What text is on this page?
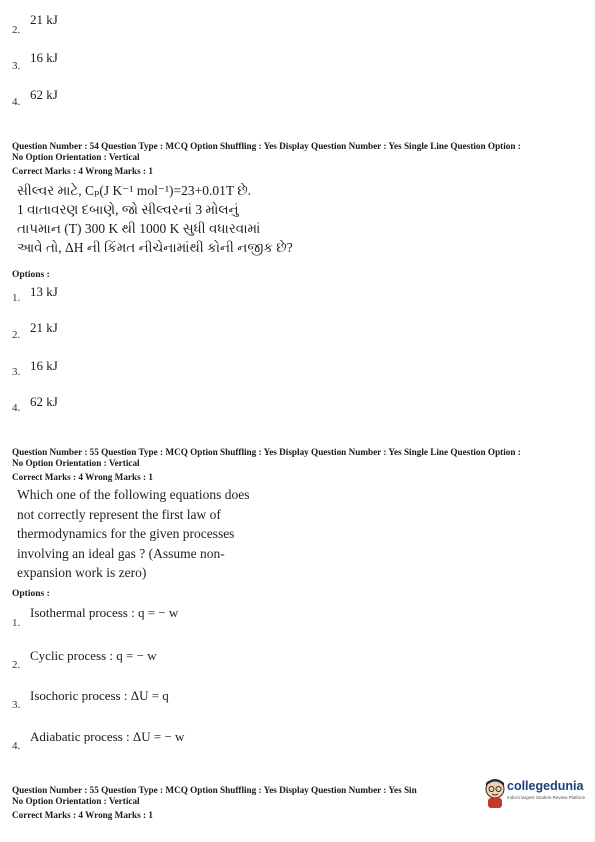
2.
21 kJ
3.
16 kJ
4. 62 kJ
Question Number : 54 Question Type : MCQ Option Shuffling : Yes Display Question Number : Yes Single Line Question Option :
No Option Orientation : Vertical
Correct Marks : 4 Wrong Marks : 1
સીલ્વર માટે, Cₚ(J K⁻¹ mol⁻¹)=23+0.01T છે.
1 વાતાવરણ દબાણે, જો સીલ્વરનાં 3 મોલનું
તાપમાન (T) 300 K થી 1000 K સુધી વધારવામાં
આવે તો, ΔH ની કિંમત નીચેનામાંથી કોની નજીક છે?
Options :
1. 13 kJ
2. 21 kJ
3. 16 kJ
4. 62 kJ
Question Number : 55 Question Type : MCQ Option Shuffling : Yes Display Question Number : Yes Single Line Question Option :
No Option Orientation : Vertical
Correct Marks : 4 Wrong Marks : 1
Which one of the following equations does
not correctly represent the first law of
thermodynamics for the given processes
involving an ideal gas ? (Assume non-
expansion work is zero)
Options :
1.
Isothermal process : q = − w
2.
Cyclic process : q = − w
3.
Isochoric process : ΔU = q
4.
Adiabatic process : ΔU = − w
Question Number : 55 Question Type : MCQ Option Shuffling : Yes Display Question Number : Yes Sin
No Option Orientation : Vertical
Correct Marks : 4 Wrong Marks : 1
collegedunia
India's largest Student Review Platform
